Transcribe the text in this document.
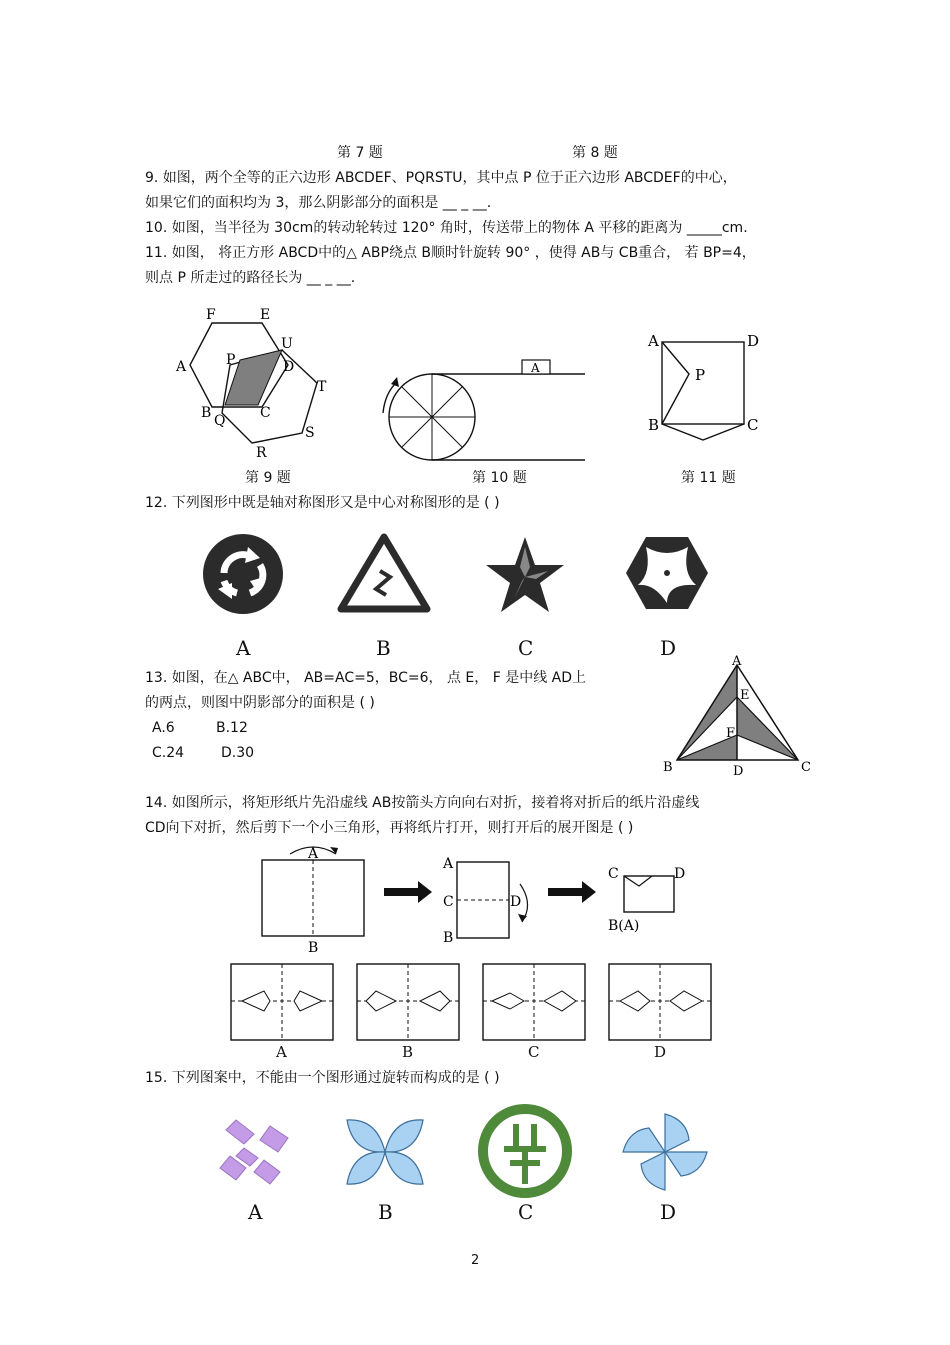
第 7 题	第 8 题
9. 如图，两个全等的正六边形 ABCDEF、PQRSTU，其中点 P 位于正六边形 ABCDEF的中心，
如果它们的面积均为 3，那么阴影部分的面积是 __ _ __.
10. 如图，当半径为 30cm的转动轮转过 120° 角时，传送带上的物体 A 平移的距离为 _____cm.
11. 如图， 将正方形 ABCD中的△ ABP绕点 B顺时针旋转 90° ，使得 AB与 CB重合， 若 BP=4，
则点 P 所走过的路径长为 __ _ __.
F	E
U
A	P	D
T
B Q C
S
R
A
A	D
P
B	C
第 9 题	第 10 题	第 11 题
12. 下列图形中既是轴对称图形又是中心对称图形的是 ( )
A	B	C	D
13. 如图，在△ ABC中， AB=AC=5，BC=6， 点 E， F 是中线 AD上
的两点，则图中阴影部分的面积是 ( )
A.6	B.12
C.24	D.30
A
E
F
B	D	C
14. 如图所示，将矩形纸片先沿虚线 AB按箭头方向向右对折，接着将对折后的纸片沿虚线
CD向下对折，然后剪下一个小三角形，再将纸片打开，则打开后的展开图是 ( )
A
B
A
C	D
B
C	D
B(A)
A	B	C	D
15. 下列图案中，不能由一个图形通过旋转而构成的是 ( )
A	B	C	D
2
